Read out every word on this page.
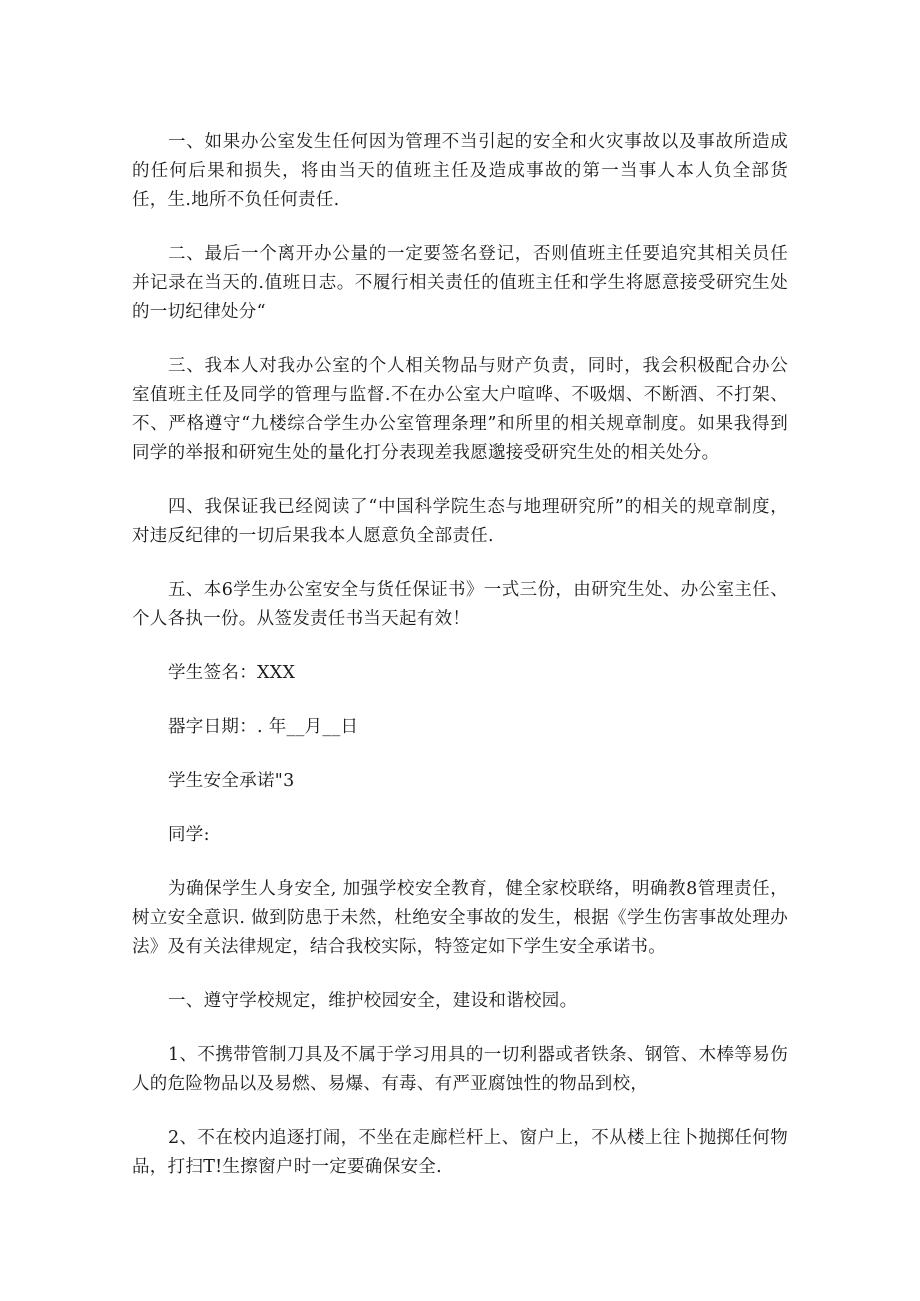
一、如果办公室发生任何因为管理不当引起的安全和火灾事故以及事故所造成的任何后果和损失，将由当天的值班主任及造成事故的第一当事人本人负全部货任，生.地所不负任何责任.

二、最后一个离开办公量的一定要签名登记，否则值班主任要追究其相关员任并记录在当天的.值班日志。不履行相关责任的值班主任和学生将愿意接受研究生处的一切纪律处分“

三、我本人对我办公室的个人相关物品与财产负责，同时，我会积极配合办公室值班主任及同学的管理与监督.不在办公室大户喧哗、不吸烟、不断酒、不打架、不、严格遵守“九楼综合学生办公室管理条理”和所里的相关规章制度。如果我得到同学的举报和研宛生处的量化打分表现差我愿邈接受研究生处的相关处分。

四、我保证我已经阅读了“中国科学院生态与地理研究所”的相关的规章制度，对违反纪律的一切后果我本人愿意负全部责任.

五、本6学生办公室安全与货任保证书》一式三份，由研究生处、办公室主任、个人各执一份。从签发责任书当天起有效！

学生签名：XXX

器字日期：. 年__月__日

学生安全承诺"3

同学:

为确保学生人身安全, 加强学校安全教育，健全家校联络，明确教8管理责任，树立安全意识. 做到防患于未然，杜绝安全事故的发生，根据《学生伤害事故处理办法》及有关法律规定，结合我校实际，特签定如下学生安全承诺书。

一、遵守学校规定，维护校园安全，建设和谐校园。

1、不携带管制刀具及不属于学习用具的一切利器或者铁条、钢管、木棒等易伤人的危险物品以及易燃、易爆、有毒、有严亚腐蚀性的物品到校，

2、不在校内追逐打闹，不坐在走廊栏杆上、窗户上，不从楼上往卜抛掷任何物品，打扫T!生擦窗户时一定要确保安全.
